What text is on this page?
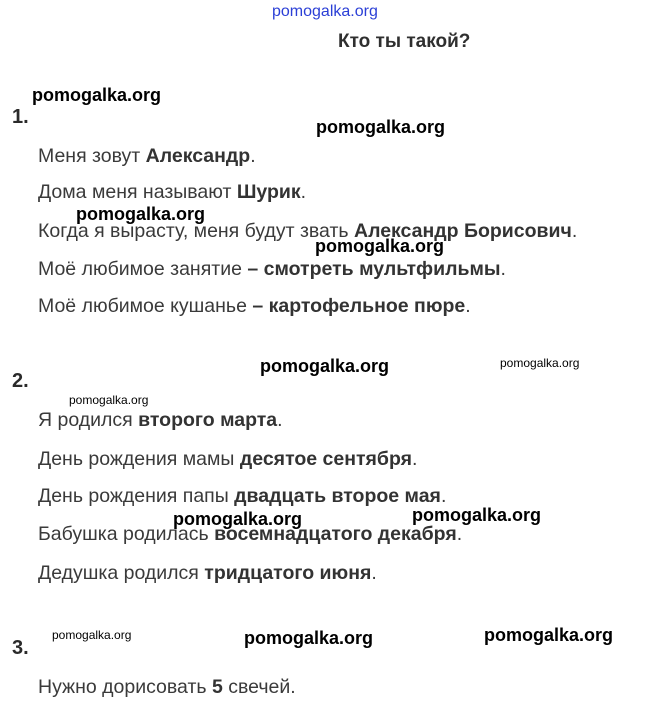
pomogalka.org
Кто ты такой?
1.
Меня зовут Александр.
Дома меня называют Шурик.
Когда я вырасту, меня будут звать Александр Борисович.
Моё любимое занятие – смотреть мультфильмы.
Моё любимое кушанье – картофельное пюре.
2.
Я родился второго марта.
День рождения мамы десятое сентября.
День рождения папы двадцать второе мая.
Бабушка родилась восемнадцатого декабря.
Дедушка родился тридцатого июня.
3.
Нужно дорисовать 5 свечей.
pomogalka.org
pomogalka.org
pomogalka.org
pomogalka.org
pomogalka.org	pomogalka.org
pomogalka.org
pomogalka.org	pomogalka.org
pomogalka.org	pomogalka.org	pomogalka.org
